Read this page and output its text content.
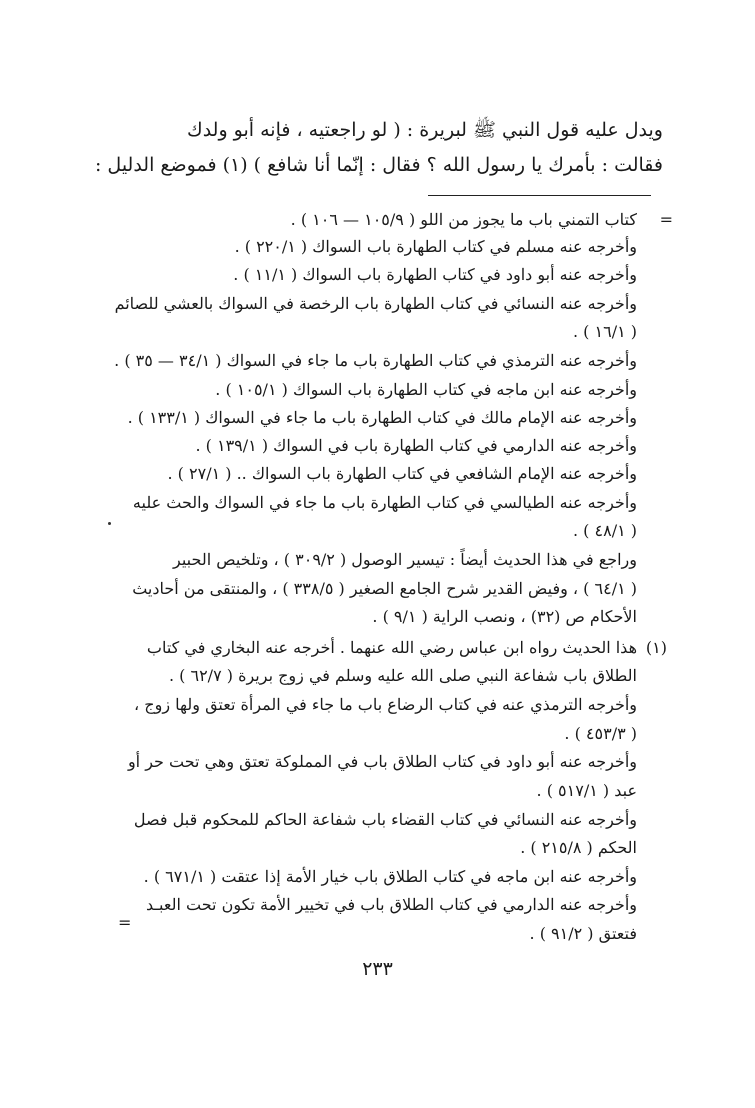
ويدل عليه قول النبي ﷺ لبريرة : ( لو راجعتيه ، فإنه أبو ولدك
فقالت : بأمرك يا رسول الله ؟ فقال : إنّما أنا شافع ) (١) فموضع الدليل :
=
كتاب التمني باب ما يجوز من اللو ( ١٠٥/٩ — ١٠٦ ) .
وأخرجه عنه مسلم في كتاب الطهارة باب السواك ( ٢٢٠/١ ) .
وأخرجه عنه أبو داود في كتاب الطهارة باب السواك ( ١١/١ ) .
وأخرجه عنه النسائي في كتاب الطهارة باب الرخصة في السواك بالعشي للصائم
( ١٦/١ ) .
وأخرجه عنه الترمذي في كتاب الطهارة باب ما جاء في السواك ( ٣٤/١ — ٣٥ ) .
وأخرجه عنه ابن ماجه في كتاب الطهارة باب السواك ( ١٠٥/١ ) .
وأخرجه عنه الإمام مالك في كتاب الطهارة باب ما جاء في السواك ( ١٣٣/١ ) .
وأخرجه عنه الدارمي في كتاب الطهارة باب في السواك ( ١٣٩/١ ) .
وأخرجه عنه الإمام الشافعي في كتاب الطهارة باب السواك .. ( ٢٧/١ ) .
وأخرجه عنه الطيالسي في كتاب الطهارة باب ما جاء في السواك والحث عليه
( ٤٨/١ ) .
وراجع في هذا الحديث أيضاً : تيسير الوصول ( ٣٠٩/٢ ) ، وتلخيص الحبير
( ٦٤/١ ) ، وفيض القدير شرح الجامع الصغير ( ٣٣٨/٥ ) ، والمنتقى من أحاديث
الأحكام ص (٣٢) ، ونصب الراية ( ٩/١ ) .
(١)
هذا الحديث رواه ابن عباس رضي الله عنهما . أخرجه عنه البخاري في كتاب
الطلاق باب شفاعة النبي صلى الله عليه وسلم في زوج بريرة ( ٦٢/٧ ) .
وأخرجه الترمذي عنه في كتاب الرضاع باب ما جاء في المرأة تعتق ولها زوج ،
( ٤٥٣/٣ ) .
وأخرجه عنه أبو داود في كتاب الطلاق باب في المملوكة تعتق وهي تحت حر أو
عبد ( ٥١٧/١ ) .
وأخرجه عنه النسائي في كتاب القضاء باب شفاعة الحاكم للمحكوم قبل فصل
الحكم ( ٢١٥/٨ ) .
وأخرجه عنه ابن ماجه في كتاب الطلاق باب خيار الأمة إذا عتقت ( ٦٧١/١ ) .
وأخرجه عنه الدارمي في كتاب الطلاق باب في تخيير الأمة تكون تحت العبـد
فتعتق ( ٩١/٢ ) .
=
٢٣٣
